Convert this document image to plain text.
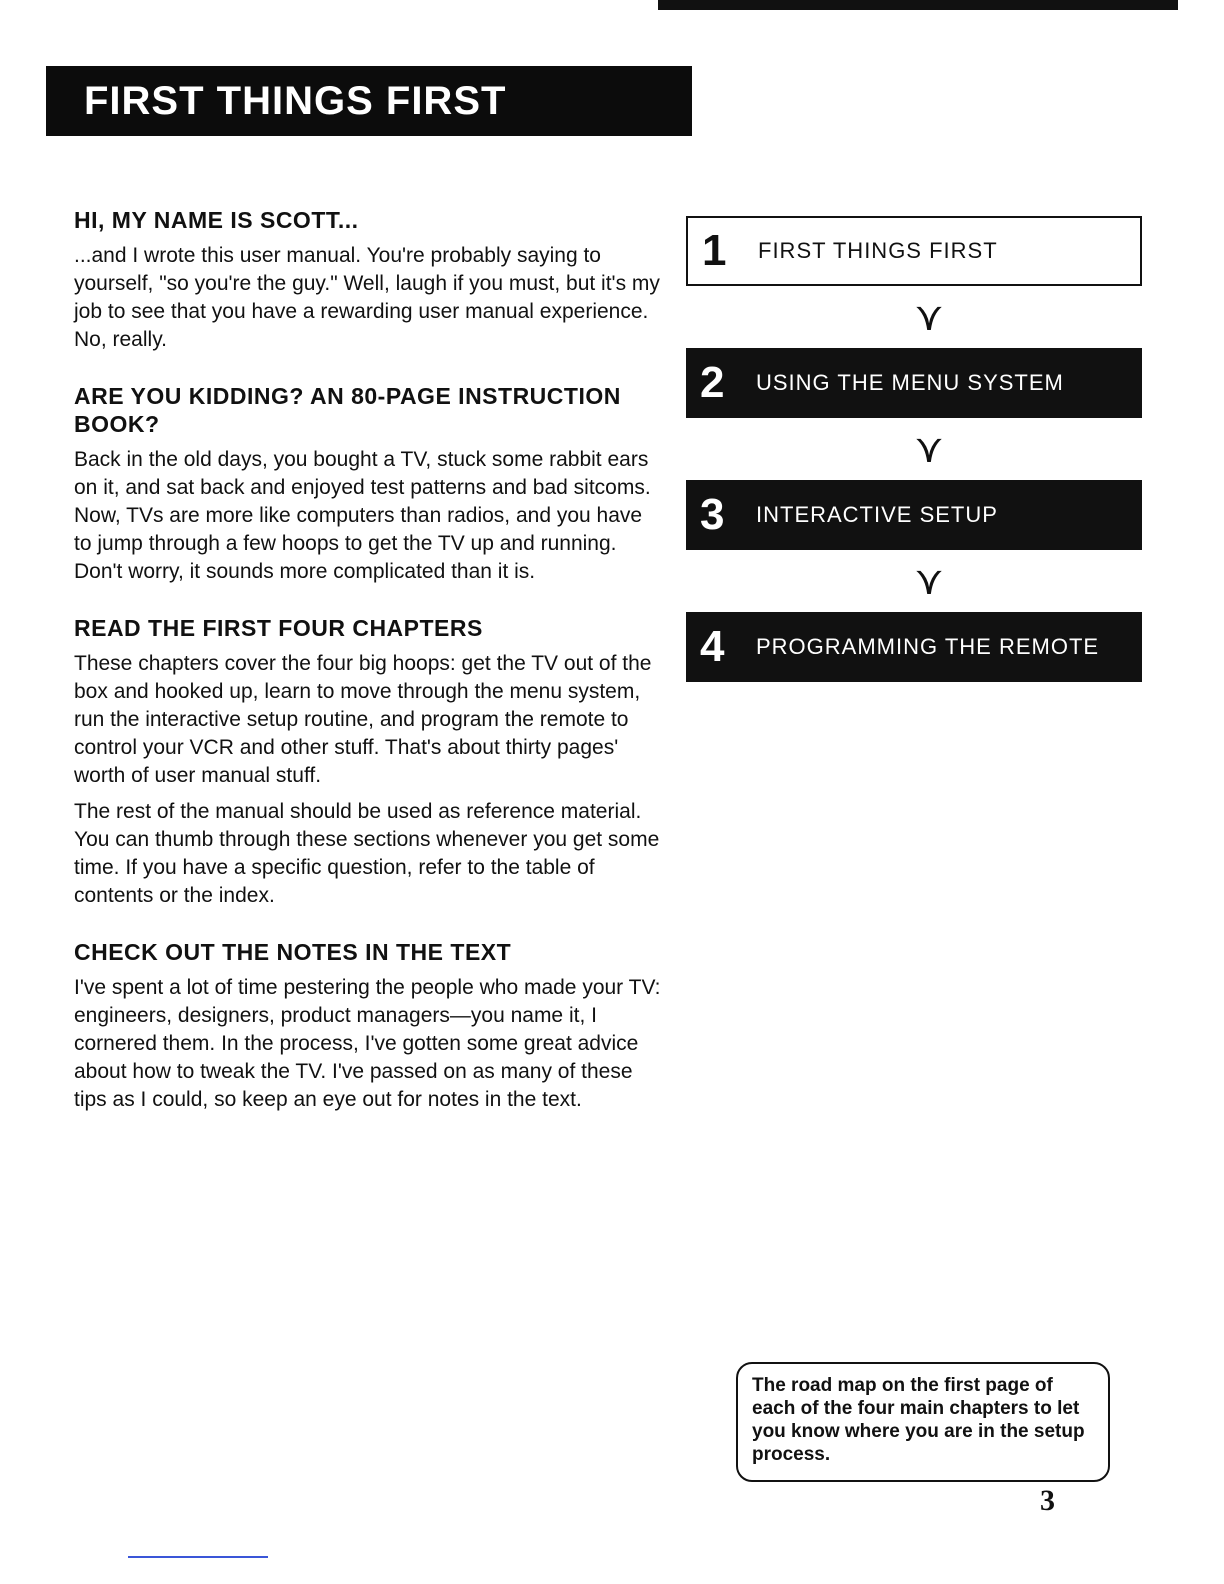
FIRST THINGS FIRST
HI, MY NAME IS SCOTT...

...and I wrote this user manual. You're probably saying to yourself, "so you're the guy." Well, laugh if you must, but it's my job to see that you have a rewarding user manual experience. No, really.

ARE YOU KIDDING? AN 80-PAGE INSTRUCTION BOOK?

Back in the old days, you bought a TV, stuck some rabbit ears on it, and sat back and enjoyed test patterns and bad sitcoms. Now, TVs are more like computers than radios, and you have to jump through a few hoops to get the TV up and running. Don't worry, it sounds more complicated than it is.

READ THE FIRST FOUR CHAPTERS

These chapters cover the four big hoops: get the TV out of the box and hooked up, learn to move through the menu system, run the interactive setup routine, and program the remote to control your VCR and other stuff. That's about thirty pages' worth of user manual stuff.

The rest of the manual should be used as reference material. You can thumb through these sections whenever you get some time. If you have a specific question, refer to the table of contents or the index.

CHECK OUT THE NOTES IN THE TEXT

I've spent a lot of time pestering the people who made your TV: engineers, designers, product managers—you name it, I cornered them. In the process, I've gotten some great advice about how to tweak the TV. I've passed on as many of these tips as I could, so keep an eye out for notes in the text.

1	FIRST THINGS FIRST
⋎
2	USING THE MENU SYSTEM
⋎
3	INTERACTIVE SETUP
⋎
4	PROGRAMMING THE REMOTE
The road map on the first page of each of the four main chapters to let you know where you are in the setup process.
3
